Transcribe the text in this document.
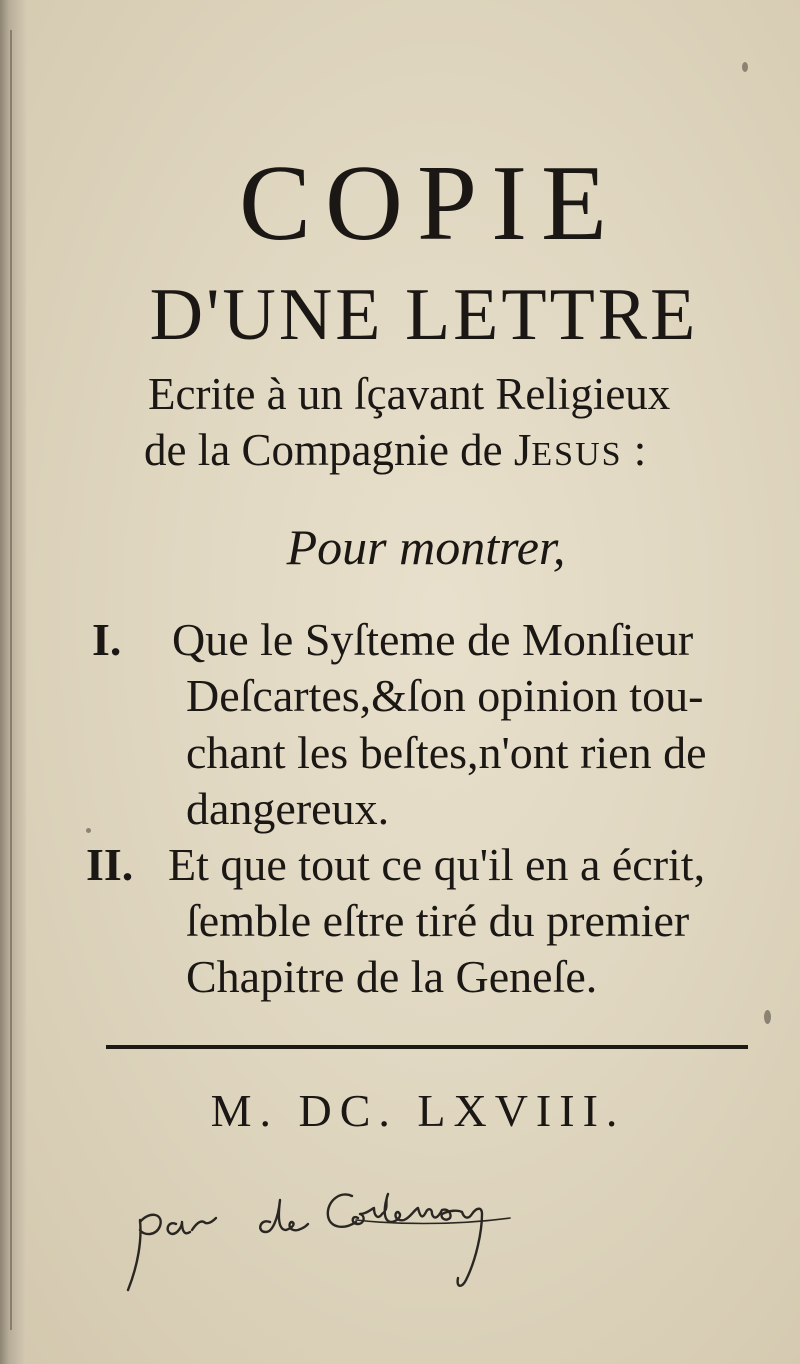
COPIE
D'UNE LETTRE
Ecrite à un ſçavant Religieux
de la Compagnie de JESUS :
Pour montrer,
I. Que le Syſteme de Monſieur
Deſcartes,&ſon opinion tou-
chant les beſtes,n'ont rien de
dangereux.
II. Et que tout ce qu'il en a écrit,
ſemble eſtre tiré du premier
Chapitre de la Geneſe.
M. DC. LXVIII.
